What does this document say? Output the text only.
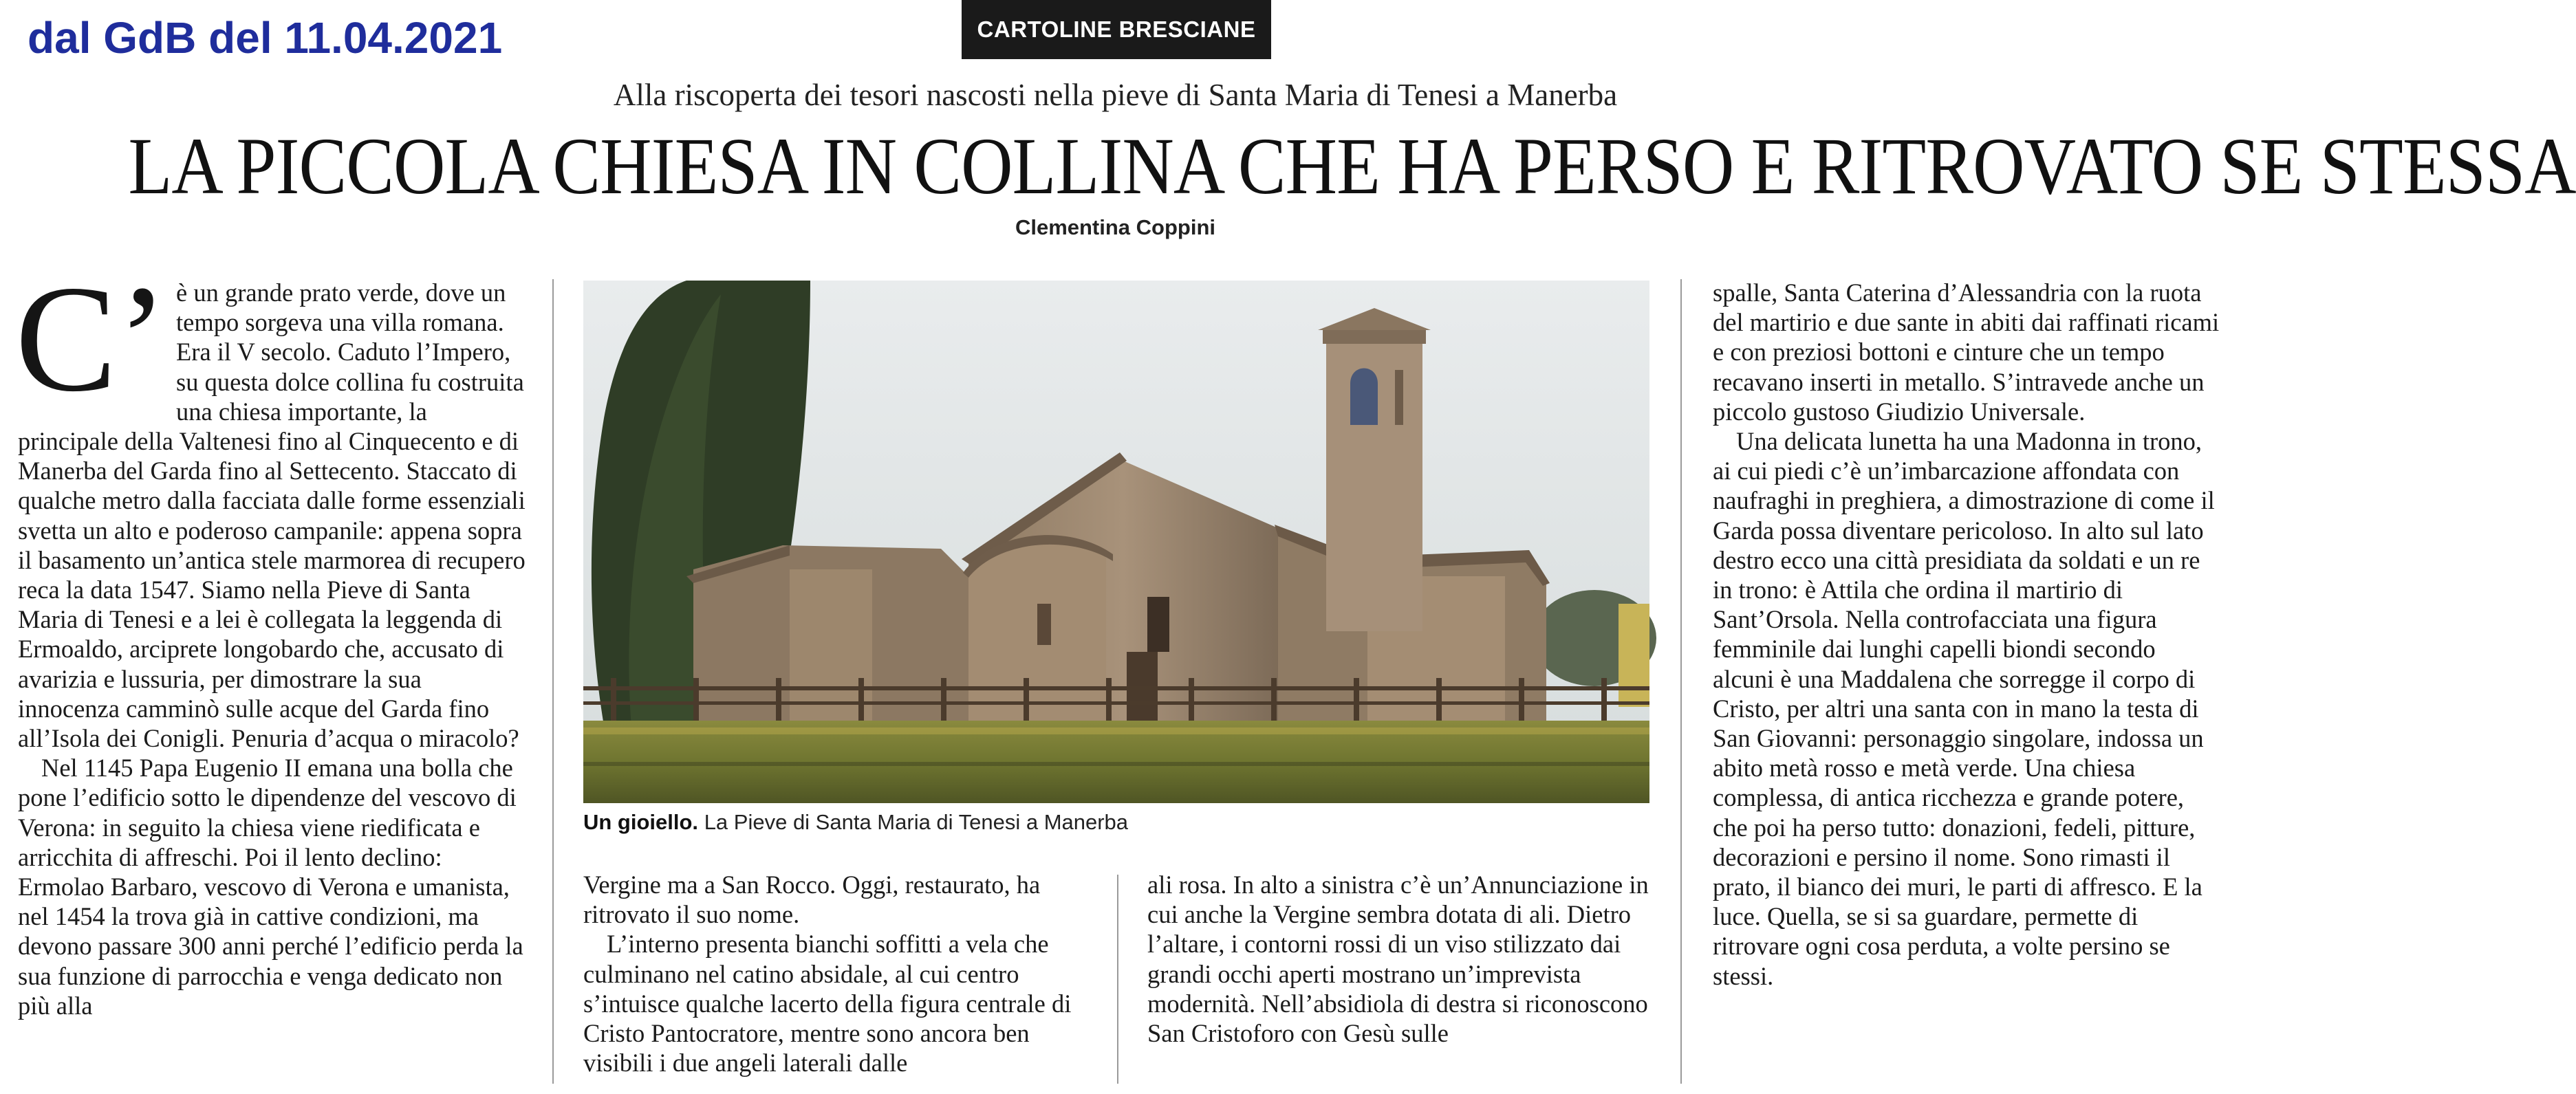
dal GdB del 11.04.2021	CARTOLINE BRESCIANE
Alla riscoperta dei tesori nascosti nella pieve di Santa Maria di Tenesi a Manerba
LA PICCOLA CHIESA IN COLLINA CHE HA PERSO E RITROVATO SE STESSA
Clementina Coppini

C’ è un grande prato verde, dove un tempo sorgeva una villa romana. Era il V secolo. Caduto l’Impero, su questa dolce collina fu costruita una chiesa importante, la principale della Valtenesi fino al Cinquecento e di Manerba del Garda fino al Settecento. Staccato di qualche metro dalla facciata dalle forme essenziali svetta un alto e poderoso campanile: appena sopra il basamento un’antica stele marmorea di recupero reca la data 1547. Siamo nella Pieve di Santa Maria di Tenesi e a lei è collegata la leggenda di Ermoaldo, arciprete longobardo che, accusato di avarizia e lussuria, per dimostrare la sua innocenza camminò sulle acque del Garda fino all’Isola dei Conigli. Penuria d’acqua o miracolo?

Nel 1145 Papa Eugenio II emana una bolla che pone l’edificio sotto le dipendenze del vescovo di Verona: in seguito la chiesa viene riedificata e arricchita di affreschi. Poi il lento declino: Ermolao Barbaro, vescovo di Verona e umanista, nel 1454 la trova già in cattive condizioni, ma devono passare 300 anni perché l’edificio perda la sua funzione di parrocchia e venga dedicato non più alla

Un gioiello. La Pieve di Santa Maria di Tenesi a Manerba

Vergine ma a San Rocco. Oggi, restaurato, ha ritrovato il suo nome.

L’interno presenta bianchi soffitti a vela che culminano nel catino absidale, al cui centro s’intuisce qualche lacerto della figura centrale di Cristo Pantocratore, mentre sono ancora ben visibili i due angeli laterali dalle

ali rosa. In alto a sinistra c’è un’Annunciazione in cui anche la Vergine sembra dotata di ali. Dietro l’altare, i contorni rossi di un viso stilizzato dai grandi occhi aperti mostrano un’imprevista modernità. Nell’absidiola di destra si riconoscono San Cristoforo con Gesù sulle

spalle, Santa Caterina d’Alessandria con la ruota del martirio e due sante in abiti dai raffinati ricami e con preziosi bottoni e cinture che un tempo recavano inserti in metallo. S’intravede anche un piccolo gustoso Giudizio Universale.

Una delicata lunetta ha una Madonna in trono, ai cui piedi c’è un’imbarcazione affondata con naufraghi in preghiera, a dimostrazione di come il Garda possa diventare pericoloso. In alto sul lato destro ecco una città presidiata da soldati e un re in trono: è Attila che ordina il martirio di Sant’Orsola. Nella controfacciata una figura femminile dai lunghi capelli biondi secondo alcuni è una Maddalena che sorregge il corpo di Cristo, per altri una santa con in mano la testa di San Giovanni: personaggio singolare, indossa un abito metà rosso e metà verde. Una chiesa complessa, di antica ricchezza e grande potere, che poi ha perso tutto: donazioni, fedeli, pitture, decorazioni e persino il nome. Sono rimasti il prato, il bianco dei muri, le parti di affresco. E la luce. Quella, se si sa guardare, permette di ritrovare ogni cosa perduta, a volte persino se stessi.
